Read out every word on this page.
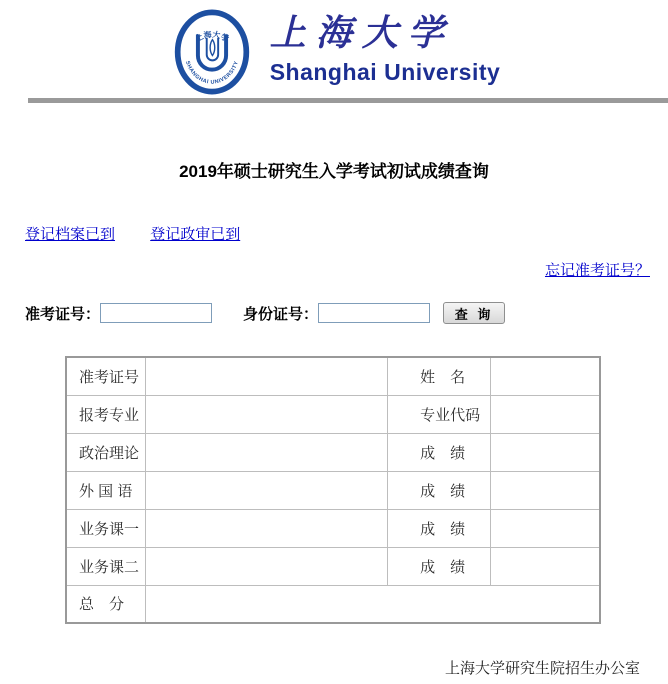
上海大学
SHANGHAI UNIVERSITY
上海大学
Shanghai University
2019年硕士研究生入学考试初试成绩查询
登记档案已到 登记政审已到
忘记准考证号？
准考证号：	身份证号：	查 询
准考证号		姓　名	
报考专业		专业代码	
政治理论		成　绩	
外 国 语		成　绩	
业务课一		成　绩	
业务课二		成　绩	
总　分			
上海大学研究生院招生办公室
